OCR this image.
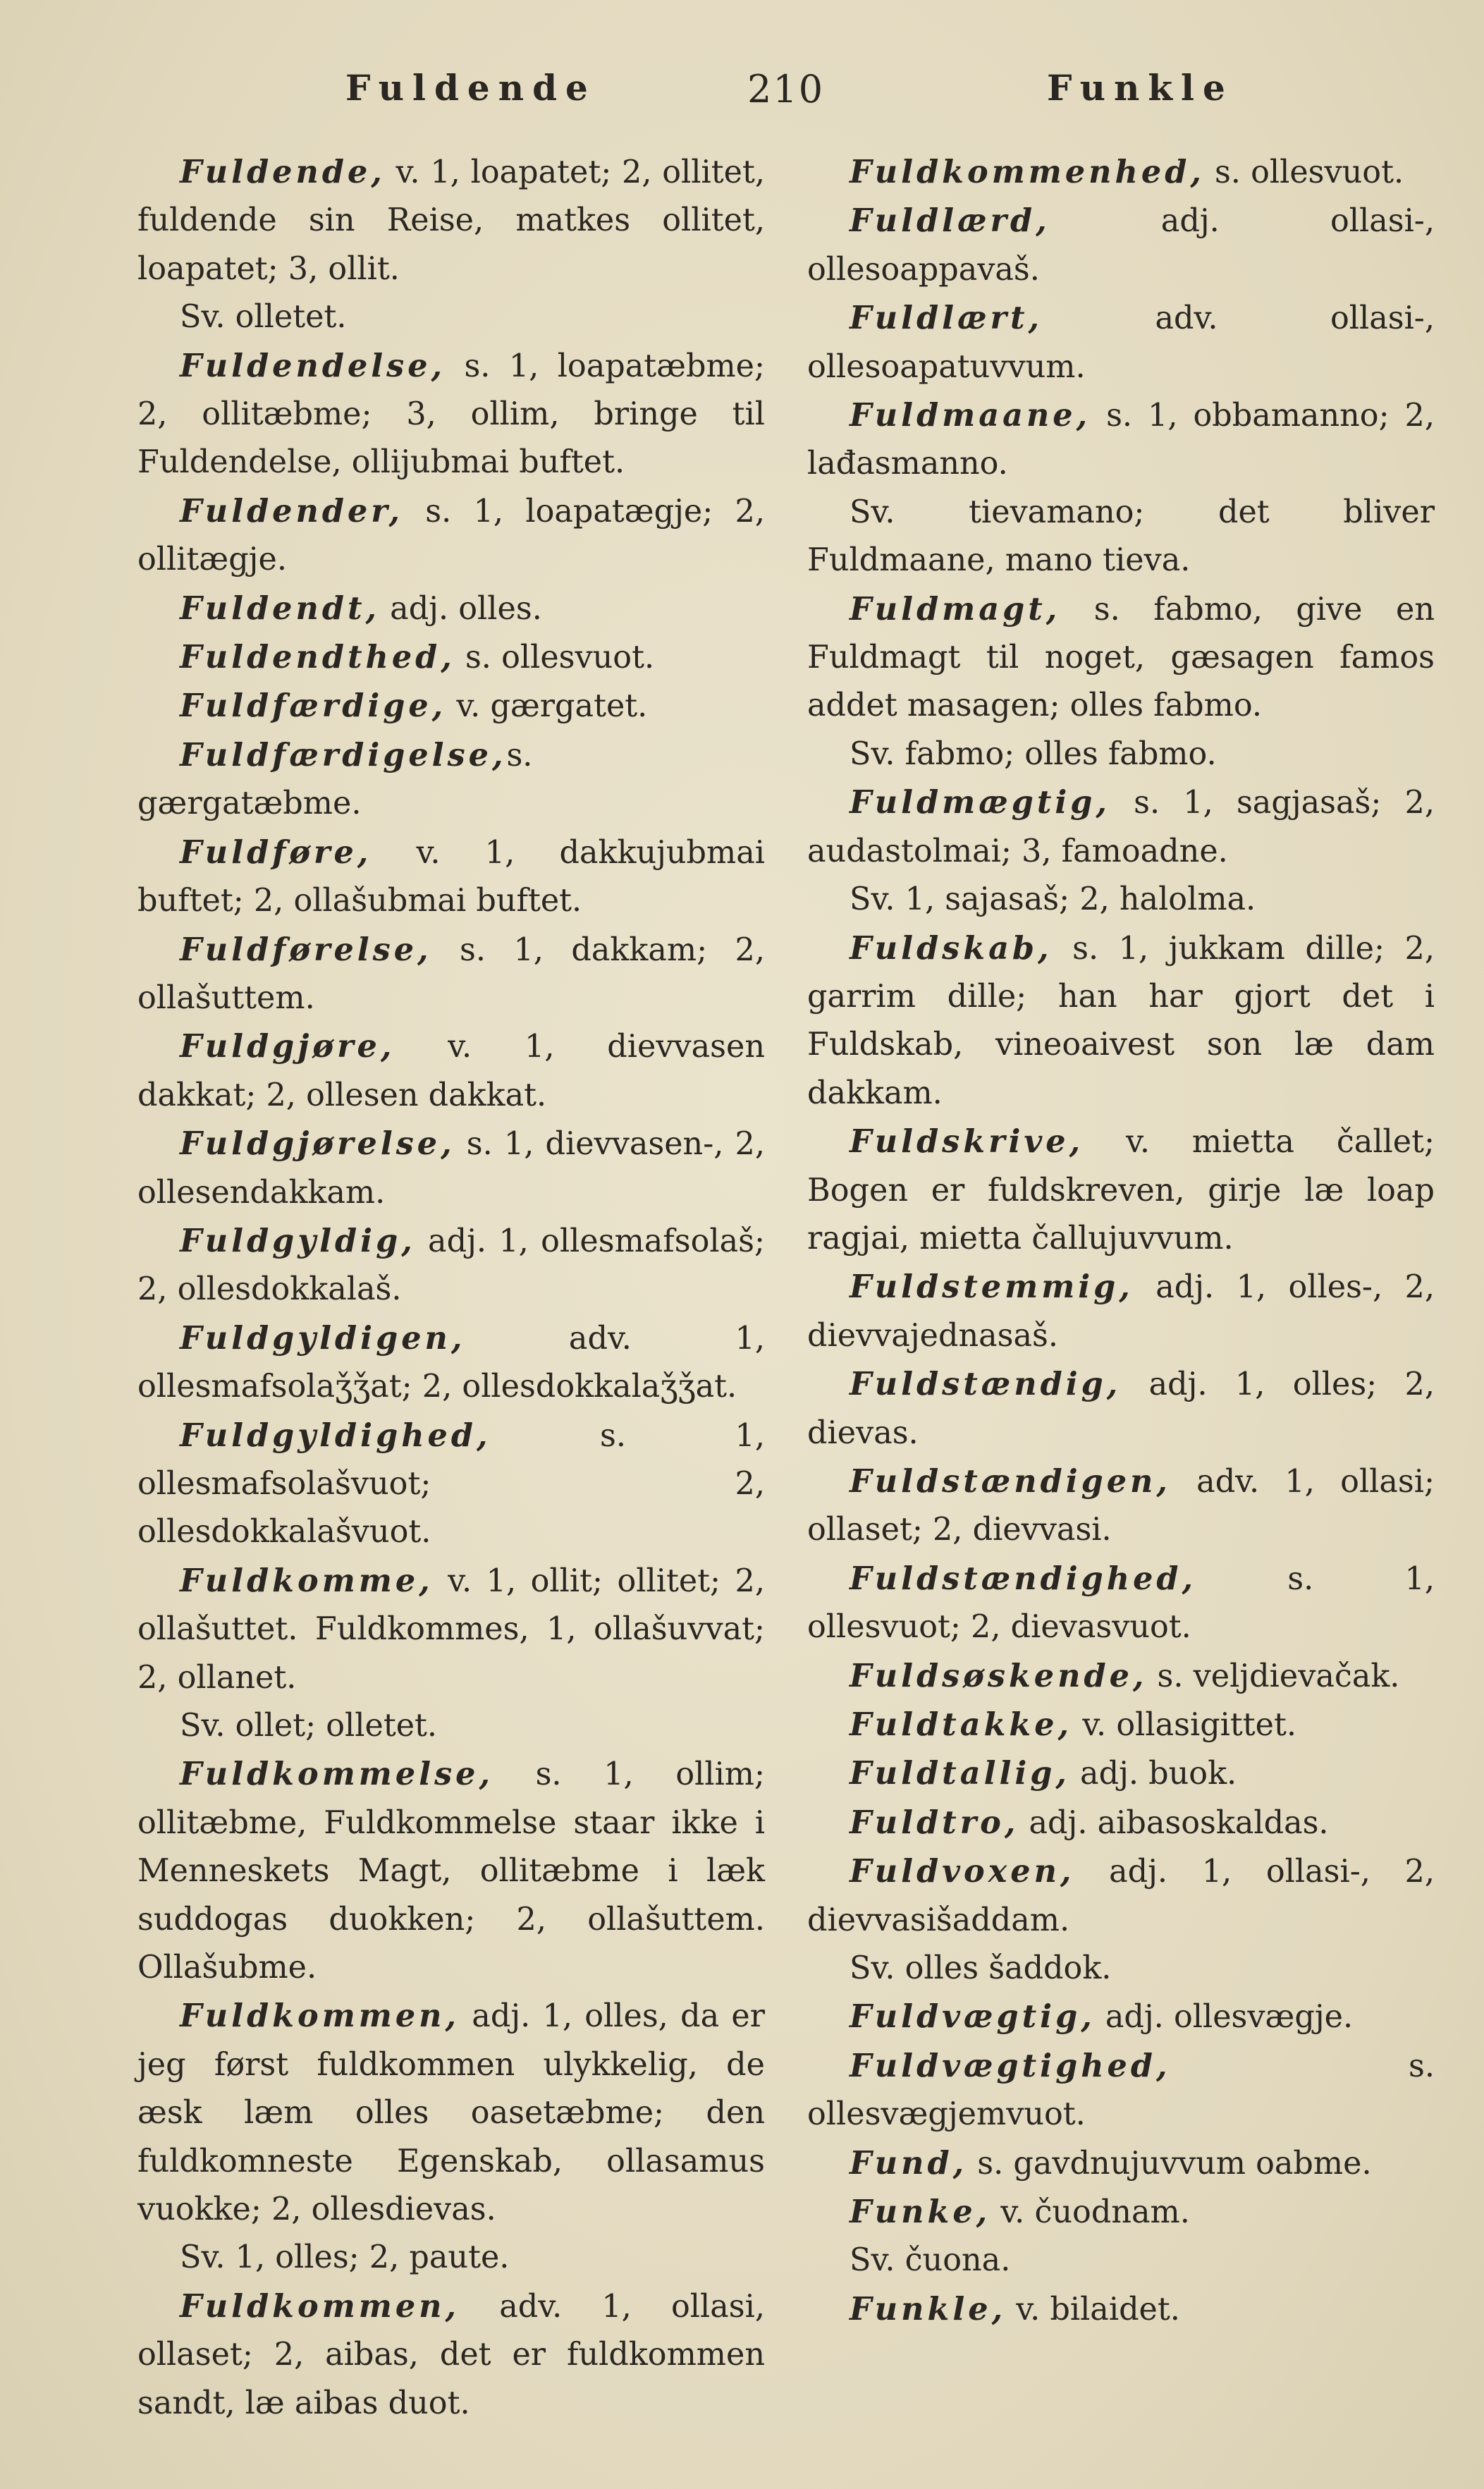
Fuldende	210	Funkle

Fuldende, v. 1, loapatet; 2, ollitet, fuldende sin Reise, matkes ollitet, loapatet; 3, ollit.

Sv. olletet.

Fuldendelse, s. 1, loapatæbme; 2, ollitæbme; 3, ollim, bringe til Fuldendelse, ollijubmai buftet.

Fuldender, s. 1, loapatægje; 2, ollitægje.

Fuldendt, adj. olles.

Fuldendthed, s. ollesvuot.

Fuldfærdige, v. gærgatet.

Fuldfærdigelse,s. gærgatæbme.

Fuldføre, v. 1, dakkujubmai buftet; 2, ollašubmai buftet.

Fuldførelse, s. 1, dakkam; 2, ollašuttem.

Fuldgjøre, v. 1, dievvasen dakkat; 2, ollesen dakkat.

Fuldgjørelse, s. 1, dievvasen-, 2, ollesendakkam.

Fuldgyldig, adj. 1, ollesmafsolaš; 2, ollesdokkalaš.

Fuldgyldigen, adv. 1, ollesmafsolaǯǯat; 2, ollesdokkalaǯǯat.

Fuldgyldighed, s. 1, ollesmafsolašvuot; 2, ollesdokkalašvuot.

Fuldkomme, v. 1, ollit; ollitet; 2, ollašuttet. Fuldkommes, 1, ollašuvvat; 2, ollanet.

Sv. ollet; olletet.

Fuldkommelse, s. 1, ollim; ollitæbme, Fuldkommelse staar ikke i Menneskets Magt, ollitæbme i læk suddogas duokken; 2, ollašuttem. Ollašubme.

Fuldkommen, adj. 1, olles, da er jeg først fuldkommen ulykkelig, de æsk læm olles oasetæbme; den fuldkomneste Egenskab, ollasamus vuokke; 2, ollesdievas.

Sv. 1, olles; 2, paute.

Fuldkommen, adv. 1, ollasi, ollaset; 2, aibas, det er fuldkommen sandt, læ aibas duot.

Fuldkommenhed, s. ollesvuot.

Fuldlærd, adj. ollasi-, ollesoappavaš.

Fuldlært, adv. ollasi-, ollesoapatuvvum.

Fuldmaane, s. 1, obbamanno; 2, lađasmanno.

Sv. tievamano; det bliver Fuldmaane, mano tieva.

Fuldmagt, s. fabmo, give en Fuldmagt til noget, gæsagen famos addet masagen; olles fabmo.

Sv. fabmo; olles fabmo.

Fuldmægtig, s. 1, sagjasaš; 2, audastolmai; 3, famoadne.

Sv. 1, sajasaš; 2, halolma.

Fuldskab, s. 1, jukkam dille; 2, garrim dille; han har gjort det i Fuldskab, vineoaivest son læ dam dakkam.

Fuldskrive, v. mietta čallet; Bogen er fuldskreven, girje læ loap ragjai, mietta čallujuvvum.

Fuldstemmig, adj. 1, olles-, 2, dievvajednasaš.

Fuldstændig, adj. 1, olles; 2, dievas.

Fuldstændigen, adv. 1, ollasi; ollaset; 2, dievvasi.

Fuldstændighed, s. 1, ollesvuot; 2, dievasvuot.

Fuldsøskende, s. veljdievačak.

Fuldtakke, v. ollasigittet.

Fuldtallig, adj. buok.

Fuldtro, adj. aibasoskaldas.

Fuldvoxen, adj. 1, ollasi-, 2, dievvasišaddam.

Sv. olles šaddok.

Fuldvægtig, adj. ollesvægje.

Fuldvægtighed, s. ollesvægjemvuot.

Fund, s. gavdnujuvvum oabme.

Funke, v. čuodnam.

Sv. čuona.

Funkle, v. bilaidet.
